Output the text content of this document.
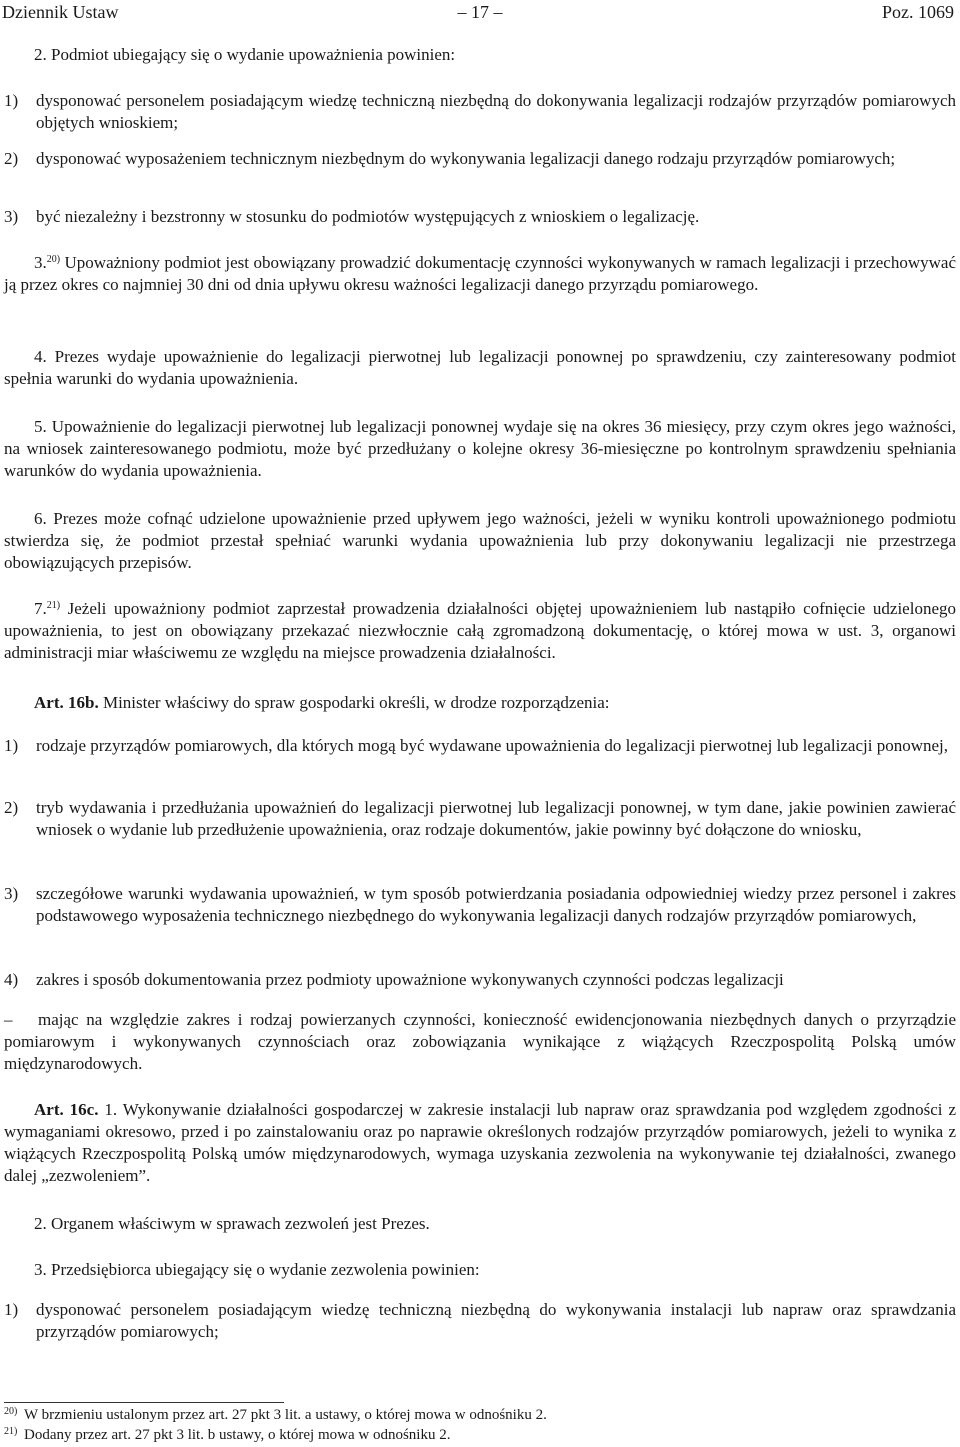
Dziennik Ustaw	– 17 –	Poz. 1069

2. Podmiot ubiegający się o wydanie upoważnienia powinien:

1) dysponować personelem posiadającym wiedzę techniczną niezbędną do dokonywania legalizacji rodzajów przyrządów pomiarowych objętych wnioskiem;
2) dysponować wyposażeniem technicznym niezbędnym do wykonywania legalizacji danego rodzaju przyrządów pomiarowych;
3) być niezależny i bezstronny w stosunku do podmiotów występujących z wnioskiem o legalizację.

3.$^{20)}$ Upoważniony podmiot jest obowiązany prowadzić dokumentację czynności wykonywanych w ramach legalizacji i przechowywać ją przez okres co najmniej 30 dni od dnia upływu okresu ważności legalizacji danego przyrządu pomiarowego.

4. Prezes wydaje upoważnienie do legalizacji pierwotnej lub legalizacji ponownej po sprawdzeniu, czy zainteresowany podmiot spełnia warunki do wydania upoważnienia.

5. Upoważnienie do legalizacji pierwotnej lub legalizacji ponownej wydaje się na okres 36 miesięcy, przy czym okres jego ważności, na wniosek zainteresowanego podmiotu, może być przedłużany o kolejne okresy 36-miesięczne po kontrolnym sprawdzeniu spełniania warunków do wydania upoważnienia.

6. Prezes może cofnąć udzielone upoważnienie przed upływem jego ważności, jeżeli w wyniku kontroli upoważnionego podmiotu stwierdza się, że podmiot przestał spełniać warunki wydania upoważnienia lub przy dokonywaniu legalizacji nie przestrzega obowiązujących przepisów.

7.$^{21)}$ Jeżeli upoważniony podmiot zaprzestał prowadzenia działalności objętej upoważnieniem lub nastąpiło cofnięcie udzielonego upoważnienia, to jest on obowiązany przekazać niezwłocznie całą zgromadzoną dokumentację, o której mowa w ust. 3, organowi administracji miar właściwemu ze względu na miejsce prowadzenia działalności.

Art. 16b. Minister właściwy do spraw gospodarki określi, w drodze rozporządzenia:

1) rodzaje przyrządów pomiarowych, dla których mogą być wydawane upoważnienia do legalizacji pierwotnej lub legalizacji ponownej,
2) tryb wydawania i przedłużania upoważnień do legalizacji pierwotnej lub legalizacji ponownej, w tym dane, jakie powinien zawierać wniosek o wydanie lub przedłużenie upoważnienia, oraz rodzaje dokumentów, jakie powinny być dołączone do wniosku,
3) szczegółowe warunki wydawania upoważnień, w tym sposób potwierdzania posiadania odpowiedniej wiedzy przez personel i zakres podstawowego wyposażenia technicznego niezbędnego do wykonywania legalizacji danych rodzajów przyrządów pomiarowych,
4) zakres i sposób dokumentowania przez podmioty upoważnione wykonywanych czynności podczas legalizacji
– mając na względzie zakres i rodzaj powierzanych czynności, konieczność ewidencjonowania niezbędnych danych o przyrządzie pomiarowym i wykonywanych czynnościach oraz zobowiązania wynikające z wiążących Rzeczpospolitą Polską umów międzynarodowych.

Art. 16c. 1. Wykonywanie działalności gospodarczej w zakresie instalacji lub napraw oraz sprawdzania pod względem zgodności z wymaganiami okresowo, przed i po zainstalowaniu oraz po naprawie określonych rodzajów przyrządów pomiarowych, jeżeli to wynika z wiążących Rzeczpospolitą Polską umów międzynarodowych, wymaga uzyskania zezwolenia na wykonywanie tej działalności, zwanego dalej „zezwoleniem”.

2. Organem właściwym w sprawach zezwoleń jest Prezes.

3. Przedsiębiorca ubiegający się o wydanie zezwolenia powinien:

1) dysponować personelem posiadającym wiedzę techniczną niezbędną do wykonywania instalacji lub napraw oraz sprawdzania przyrządów pomiarowych;
20) W brzmieniu ustalonym przez art. 27 pkt 3 lit. a ustawy, o której mowa w odnośniku 2.
21) Dodany przez art. 27 pkt 3 lit. b ustawy, o której mowa w odnośniku 2.
